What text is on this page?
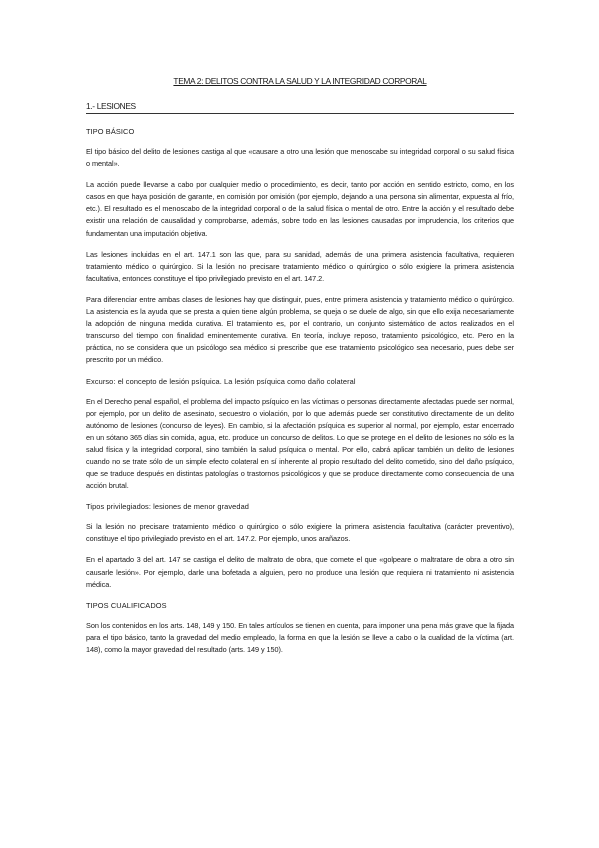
TEMA 2: DELITOS CONTRA LA SALUD Y LA INTEGRIDAD CORPORAL
1.- LESIONES
TIPO BÁSICO

El tipo básico del delito de lesiones castiga al que «causare a otro una lesión que menoscabe su integridad corporal o su salud física o mental».

La acción puede llevarse a cabo por cualquier medio o procedimiento, es decir, tanto por acción en sentido estricto, como, en los casos en que haya posición de garante, en comisión por omisión (por ejemplo, dejando a una persona sin alimentar, expuesta al frío, etc.). El resultado es el menoscabo de la integridad corporal o de la salud física o mental de otro. Entre la acción y el resultado debe existir una relación de causalidad y comprobarse, además, sobre todo en las lesiones causadas por imprudencia, los criterios que fundamentan una imputación objetiva.

Las lesiones incluidas en el art. 147.1 son las que, para su sanidad, además de una primera asistencia facultativa, requieren tratamiento médico o quirúrgico. Si la lesión no precisare tratamiento médico o quirúrgico o sólo exigiere la primera asistencia facultativa, entonces constituye el tipo privilegiado previsto en el art. 147.2.

Para diferenciar entre ambas clases de lesiones hay que distinguir, pues, entre primera asistencia y tratamiento médico o quirúrgico. La asistencia es la ayuda que se presta a quien tiene algún problema, se queja o se duele de algo, sin que ello exija necesariamente la adopción de ninguna medida curativa. El tratamiento es, por el contrario, un conjunto sistemático de actos realizados en el transcurso del tiempo con finalidad eminentemente curativa. En teoría, incluye reposo, tratamiento psicológico, etc. Pero en la práctica, no se considera que un psicólogo sea médico si prescribe que ese tratamiento psicológico sea necesario, pues debe ser prescrito por un médico.

Excurso: el concepto de lesión psíquica. La lesión psíquica como daño colateral

En el Derecho penal español, el problema del impacto psíquico en las víctimas o personas directamente afectadas puede ser normal, por ejemplo, por un delito de asesinato, secuestro o violación, por lo que además puede ser constitutivo directamente de un delito autónomo de lesiones (concurso de leyes). En cambio, si la afectación psíquica es superior al normal, por ejemplo, estar encerrado en un sótano 365 días sin comida, agua, etc. produce un concurso de delitos. Lo que se protege en el delito de lesiones no sólo es la salud física y la integridad corporal, sino también la salud psíquica o mental. Por ello, cabrá aplicar también un delito de lesiones cuando no se trate sólo de un simple efecto colateral en sí inherente al propio resultado del delito cometido, sino del daño psíquico, que se traduce después en distintas patologías o trastornos psicológicos y que se produce directamente como consecuencia de una acción brutal.

Tipos privilegiados: lesiones de menor gravedad

Si la lesión no precisare tratamiento médico o quirúrgico o sólo exigiere la primera asistencia facultativa (carácter preventivo), constituye el tipo privilegiado previsto en el art. 147.2. Por ejemplo, unos arañazos.

En el apartado 3 del art. 147 se castiga el delito de maltrato de obra, que comete el que «golpeare o maltratare de obra a otro sin causarle lesión». Por ejemplo, darle una bofetada a alguien, pero no produce una lesión que requiera ni tratamiento ni asistencia médica.

TIPOS CUALIFICADOS

Son los contenidos en los arts. 148, 149 y 150. En tales artículos se tienen en cuenta, para imponer una pena más grave que la fijada para el tipo básico, tanto la gravedad del medio empleado, la forma en que la lesión se lleve a cabo o la cualidad de la víctima (art. 148), como la mayor gravedad del resultado (arts. 149 y 150).
